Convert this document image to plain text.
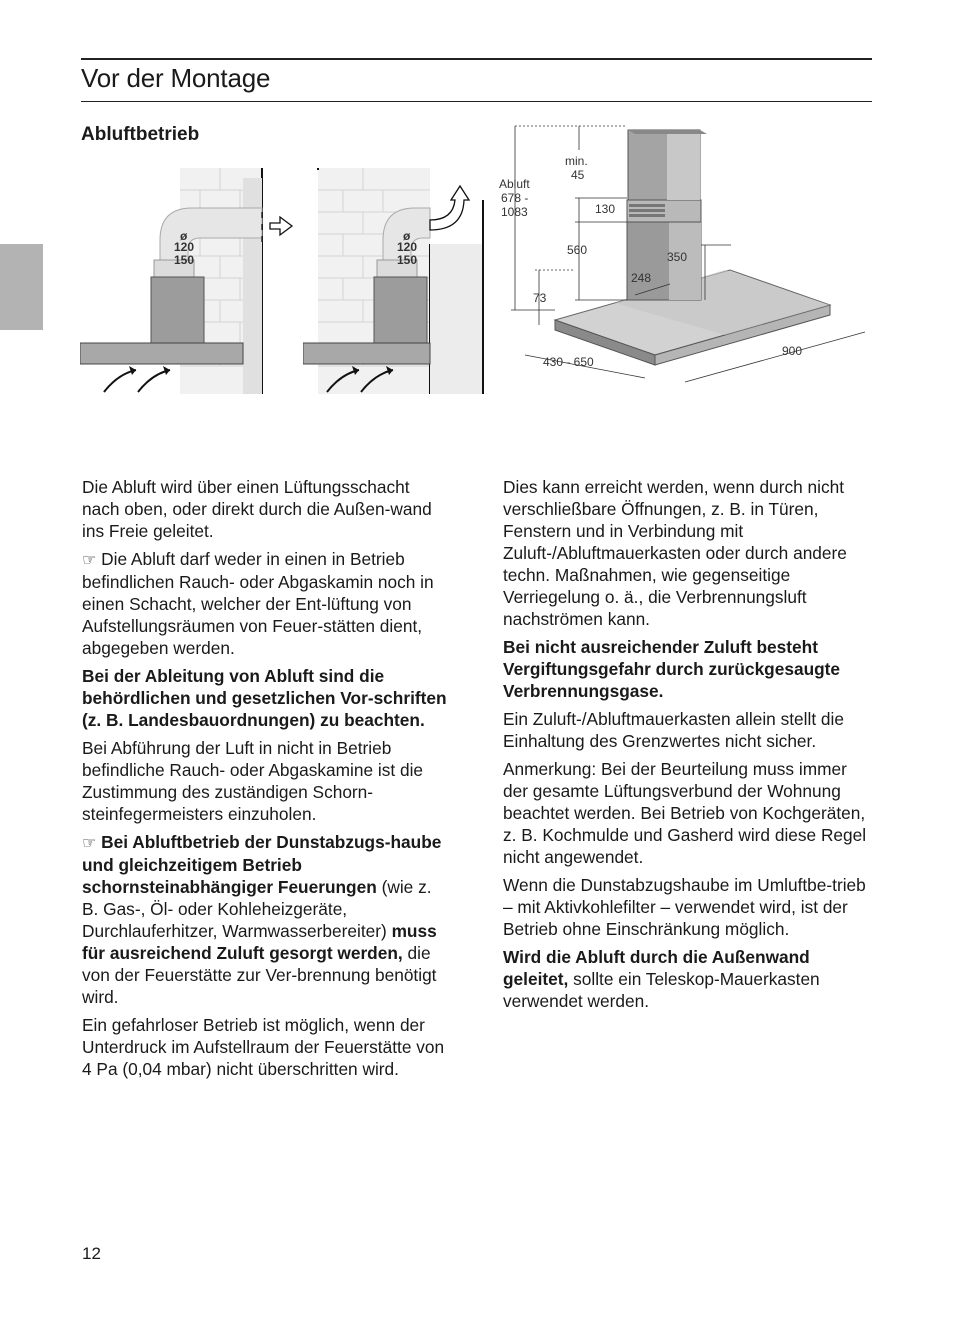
Vor der Montage
Abluftbetrieb
ø
120
150
ø
120
150
Abluft
678 -
1083
min.
45
130
560	350
248
73
430 - 650
900

Die Abluft wird über einen Lüftungsschacht nach oben, oder direkt durch die Außen-wand ins Freie geleitet.

☞ Die Abluft darf weder in einen in Betrieb befindlichen Rauch- oder Abgaskamin noch in einen Schacht, welcher der Ent-lüftung von Aufstellungsräumen von Feuer-stätten dient, abgegeben werden.

Bei der Ableitung von Abluft sind die behördlichen und gesetzlichen Vor-schriften (z. B. Landesbauordnungen) zu beachten.

Bei Abführung der Luft in nicht in Betrieb befindliche Rauch- oder Abgaskamine ist die Zustimmung des zuständigen Schorn-steinfegermeisters einzuholen.

☞ Bei Abluftbetrieb der Dunstabzugs-haube und gleichzeitigem Betrieb schornsteinabhängiger Feuerungen (wie z. B. Gas-, Öl- oder Kohleheizgeräte, Durchlauferhitzer, Warmwasserbereiter) muss für ausreichend Zuluft gesorgt werden, die von der Feuerstätte zur Ver-brennung benötigt wird.

Ein gefahrloser Betrieb ist möglich, wenn der Unterdruck im Aufstellraum der Feuerstätte von 4 Pa (0,04 mbar) nicht überschritten wird.

Dies kann erreicht werden, wenn durch nicht verschließbare Öffnungen, z. B. in Türen, Fenstern und in Verbindung mit Zuluft-/Abluftmauerkasten oder durch andere techn. Maßnahmen, wie gegenseitige Verriegelung o. ä., die Verbrennungsluft nachströmen kann.

Bei nicht ausreichender Zuluft besteht Vergiftungsgefahr durch zurückgesaugte Verbrennungsgase.

Ein Zuluft-/Abluftmauerkasten allein stellt die Einhaltung des Grenzwertes nicht sicher.

Anmerkung: Bei der Beurteilung muss immer der gesamte Lüftungsverbund der Wohnung beachtet werden. Bei Betrieb von Kochgeräten, z. B. Kochmulde und Gasherd wird diese Regel nicht angewendet.

Wenn die Dunstabzugshaube im Umluftbe-trieb – mit Aktivkohlefilter – verwendet wird, ist der Betrieb ohne Einschränkung möglich.

Wird die Abluft durch die Außenwand geleitet, sollte ein Teleskop-Mauerkasten verwendet werden.

12
